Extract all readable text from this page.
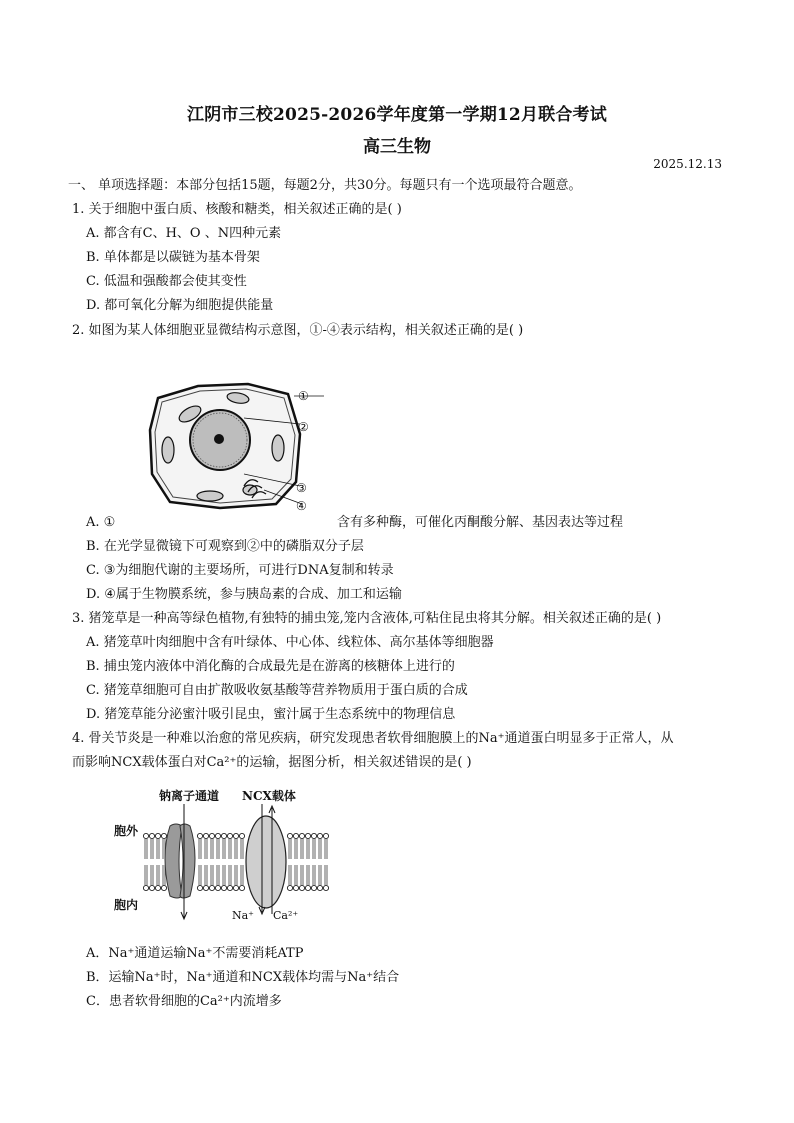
江阴市三校2025-2026学年度第一学期12月联合考试
高三生物
2025.12.13
一、 单项选择题：本部分包括15题，每题2分，共30分。每题只有一个选项最符合题意。
1. 关于细胞中蛋白质、核酸和糖类，相关叙述正确的是( )
A. 都含有C、H、O 、N四种元素
B. 单体都是以碳链为基本骨架
C. 低温和强酸都会使其变性
D. 都可氧化分解为细胞提供能量
2. 如图为某人体细胞亚显微结构示意图，①-④表示结构，相关叙述正确的是( )
①
②
③
④
A. ①	含有多种酶，可催化丙酮酸分解、基因表达等过程
B. 在光学显微镜下可观察到②中的磷脂双分子层
C. ③为细胞代谢的主要场所，可进行DNA复制和转录
D. ④属于生物膜系统，参与胰岛素的合成、加工和运输
3. 猪笼草是一种高等绿色植物,有独特的捕虫笼,笼内含液体,可粘住昆虫将其分解。相关叙述正确的是( )
A. 猪笼草叶肉细胞中含有叶绿体、中心体、线粒体、高尔基体等细胞器
B. 捕虫笼内液体中消化酶的合成最先是在游离的核糖体上进行的
C. 猪笼草细胞可自由扩散吸收氨基酸等营养物质用于蛋白质的合成
D. 猪笼草能分泌蜜汁吸引昆虫，蜜汁属于生态系统中的物理信息
4. 骨关节炎是一种难以治愈的常见疾病，研究发现患者软骨细胞膜上的Na⁺通道蛋白明显多于正常人，从
而影响NCX载体蛋白对Ca²⁺的运输，据图分析，相关叙述错误的是( )
钠离子通道 NCX载体
胞外
胞内
Na⁺ Ca²⁺
A．Na⁺通道运输Na⁺不需要消耗ATP
B．运输Na⁺时，Na⁺通道和NCX载体均需与Na⁺结合
C．患者软骨细胞的Ca²⁺内流增多
